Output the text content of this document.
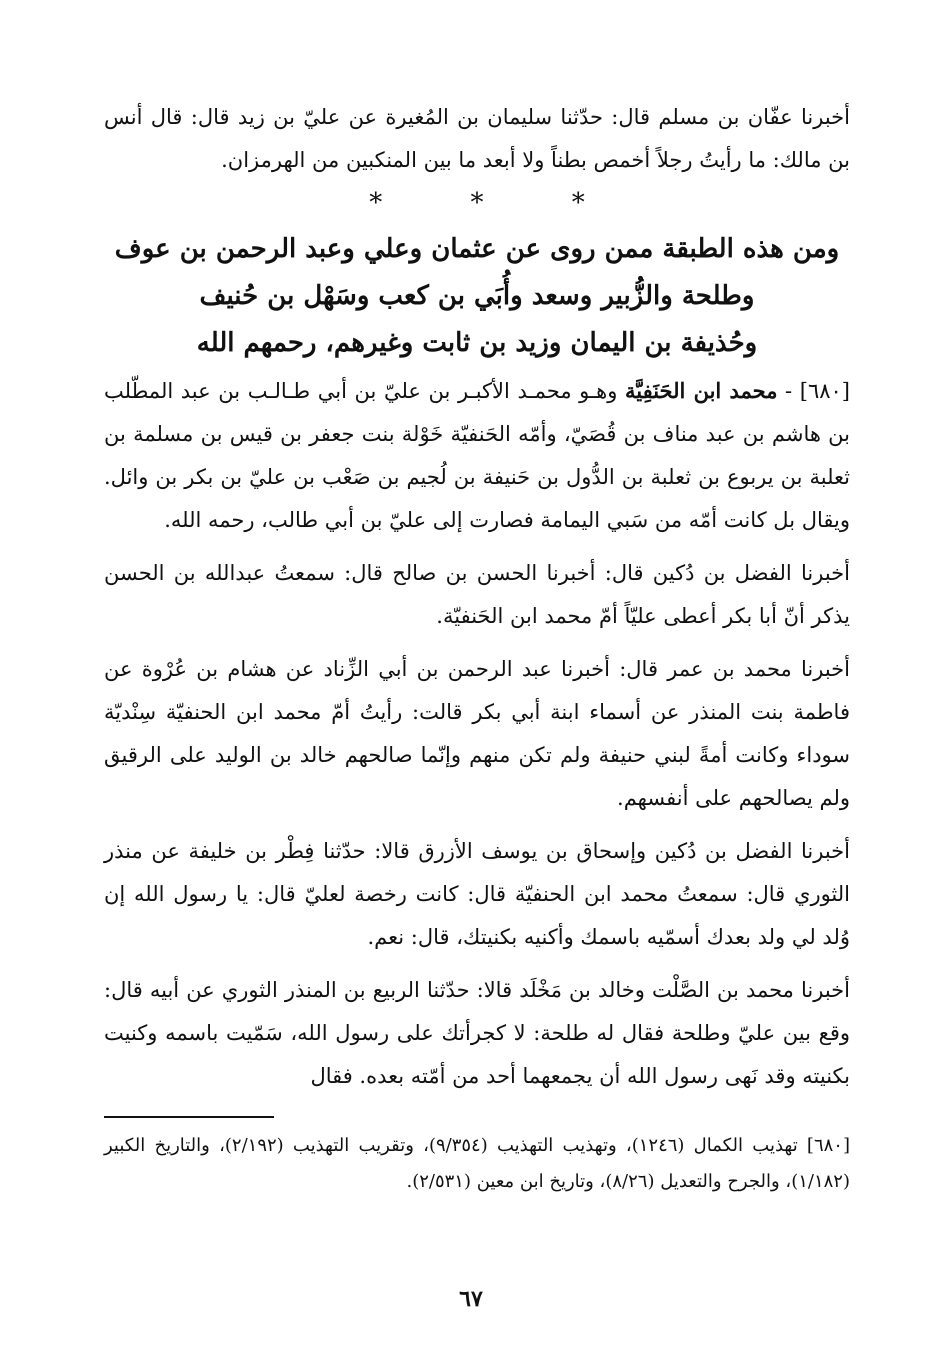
أخبرنا عفّان بن مسلم قال: حدّثنا سليمان بن المُغيرة عن عليّ بن زيد قال: قال أنس بن مالك: ما رأيتُ رجلاً أخمص بطناً ولا أبعد ما بين المنكبين من الهرمزان.

* * *
ومن هذه الطبقة ممن روى عن عثمان وعلي وعبد الرحمن بن عوف
وطلحة والزُّبير وسعد وأُبَي بن كعب وسَهْل بن حُنيف
وحُذيفة بن اليمان وزيد بن ثابت وغيرهم، رحمهم الله

[٦٨٠] - محمد ابن الحَنَفِيَّة وهـو محمـد الأكبـر بن عليّ بن أبي طـالـب بن عبد المطّلب بن هاشم بن عبد مناف بن قُصَيّ، وأمّه الحَنفيّة خَوْلة بنت جعفر بن قيس بن مسلمة بن ثعلبة بن يربوع بن ثعلبة بن الدُّول بن حَنيفة بن لُجيم بن صَعْب بن عليّ بن بكر بن وائل. ويقال بل كانت أمّه من سَبي اليمامة فصارت إلى عليّ بن أبي طالب، رحمه الله.

أخبرنا الفضل بن دُكين قال: أخبرنا الحسن بن صالح قال: سمعتُ عبدالله بن الحسن يذكر أنّ أبا بكر أعطى عليّاً أمّ محمد ابن الحَنفيّة.

أخبرنا محمد بن عمر قال: أخبرنا عبد الرحمن بن أبي الزِّناد عن هشام بن عُرْوة عن فاطمة بنت المنذر عن أسماء ابنة أبي بكر قالت: رأيتُ أمّ محمد ابن الحنفيّة سِنْديّة سوداء وكانت أمةً لبني حنيفة ولم تكن منهم وإنّما صالحهم خالد بن الوليد على الرقيق ولم يصالحهم على أنفسهم.

أخبرنا الفضل بن دُكين وإسحاق بن يوسف الأزرق قالا: حدّثنا فِطْر بن خليفة عن منذر الثوري قال: سمعتُ محمد ابن الحنفيّة قال: كانت رخصة لعليّ قال: يا رسول الله إن وُلد لي ولد بعدك أسمّيه باسمك وأكنيه بكنيتك، قال: نعم.

أخبرنا محمد بن الصَّلْت وخالد بن مَخْلَد قالا: حدّثنا الربيع بن المنذر الثوري عن أبيه قال: وقع بين عليّ وطلحة فقال له طلحة: لا كجرأتك على رسول الله، سَمّيت باسمه وكنيت بكنيته وقد نَهى رسول الله أن يجمعهما أحد من أمّته بعده. فقال

[٦٨٠] تهذيب الكمال (١٢٤٦)، وتهذيب التهذيب (٩/٣٥٤)، وتقريب التهذيب (٢/١٩٢)، والتاريخ الكبير (١/١٨٢)، والجرح والتعديل (٨/٢٦)، وتاريخ ابن معين (٢/٥٣١).

٦٧
